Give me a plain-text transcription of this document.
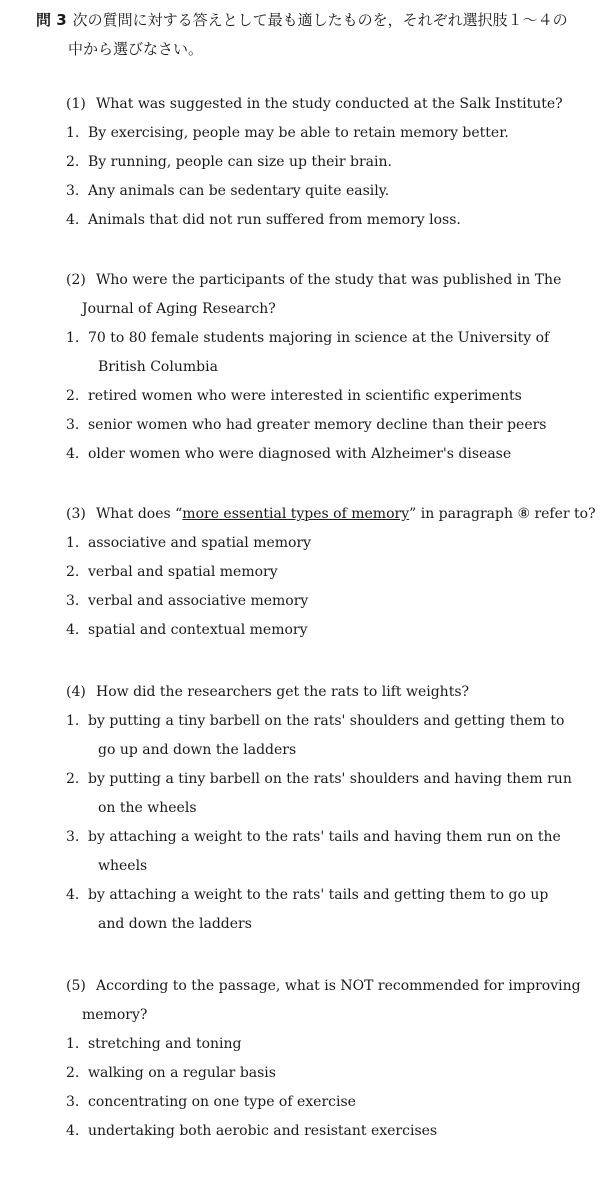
問 3 次の質問に対する答えとして最も適したものを，それぞれ選択肢１～４の
中から選びなさい。
(1) What was suggested in the study conducted at the Salk Institute?
1. By exercising, people may be able to retain memory better.
2. By running, people can size up their brain.
3. Any animals can be sedentary quite easily.
4. Animals that did not run suffered from memory loss.
(2) Who were the participants of the study that was published in The
Journal of Aging Research?
1. 70 to 80 female students majoring in science at the University of
British Columbia
2. retired women who were interested in scientific experiments
3. senior women who had greater memory decline than their peers
4. older women who were diagnosed with Alzheimer's disease
(3) What does “more essential types of memory” in paragraph ⑧ refer to?
1. associative and spatial memory
2. verbal and spatial memory
3. verbal and associative memory
4. spatial and contextual memory
(4) How did the researchers get the rats to lift weights?
1. by putting a tiny barbell on the rats' shoulders and getting them to
go up and down the ladders
2. by putting a tiny barbell on the rats' shoulders and having them run
on the wheels
3. by attaching a weight to the rats' tails and having them run on the
wheels
4. by attaching a weight to the rats' tails and getting them to go up
and down the ladders
(5) According to the passage, what is NOT recommended for improving
memory?
1. stretching and toning
2. walking on a regular basis
3. concentrating on one type of exercise
4. undertaking both aerobic and resistant exercises
